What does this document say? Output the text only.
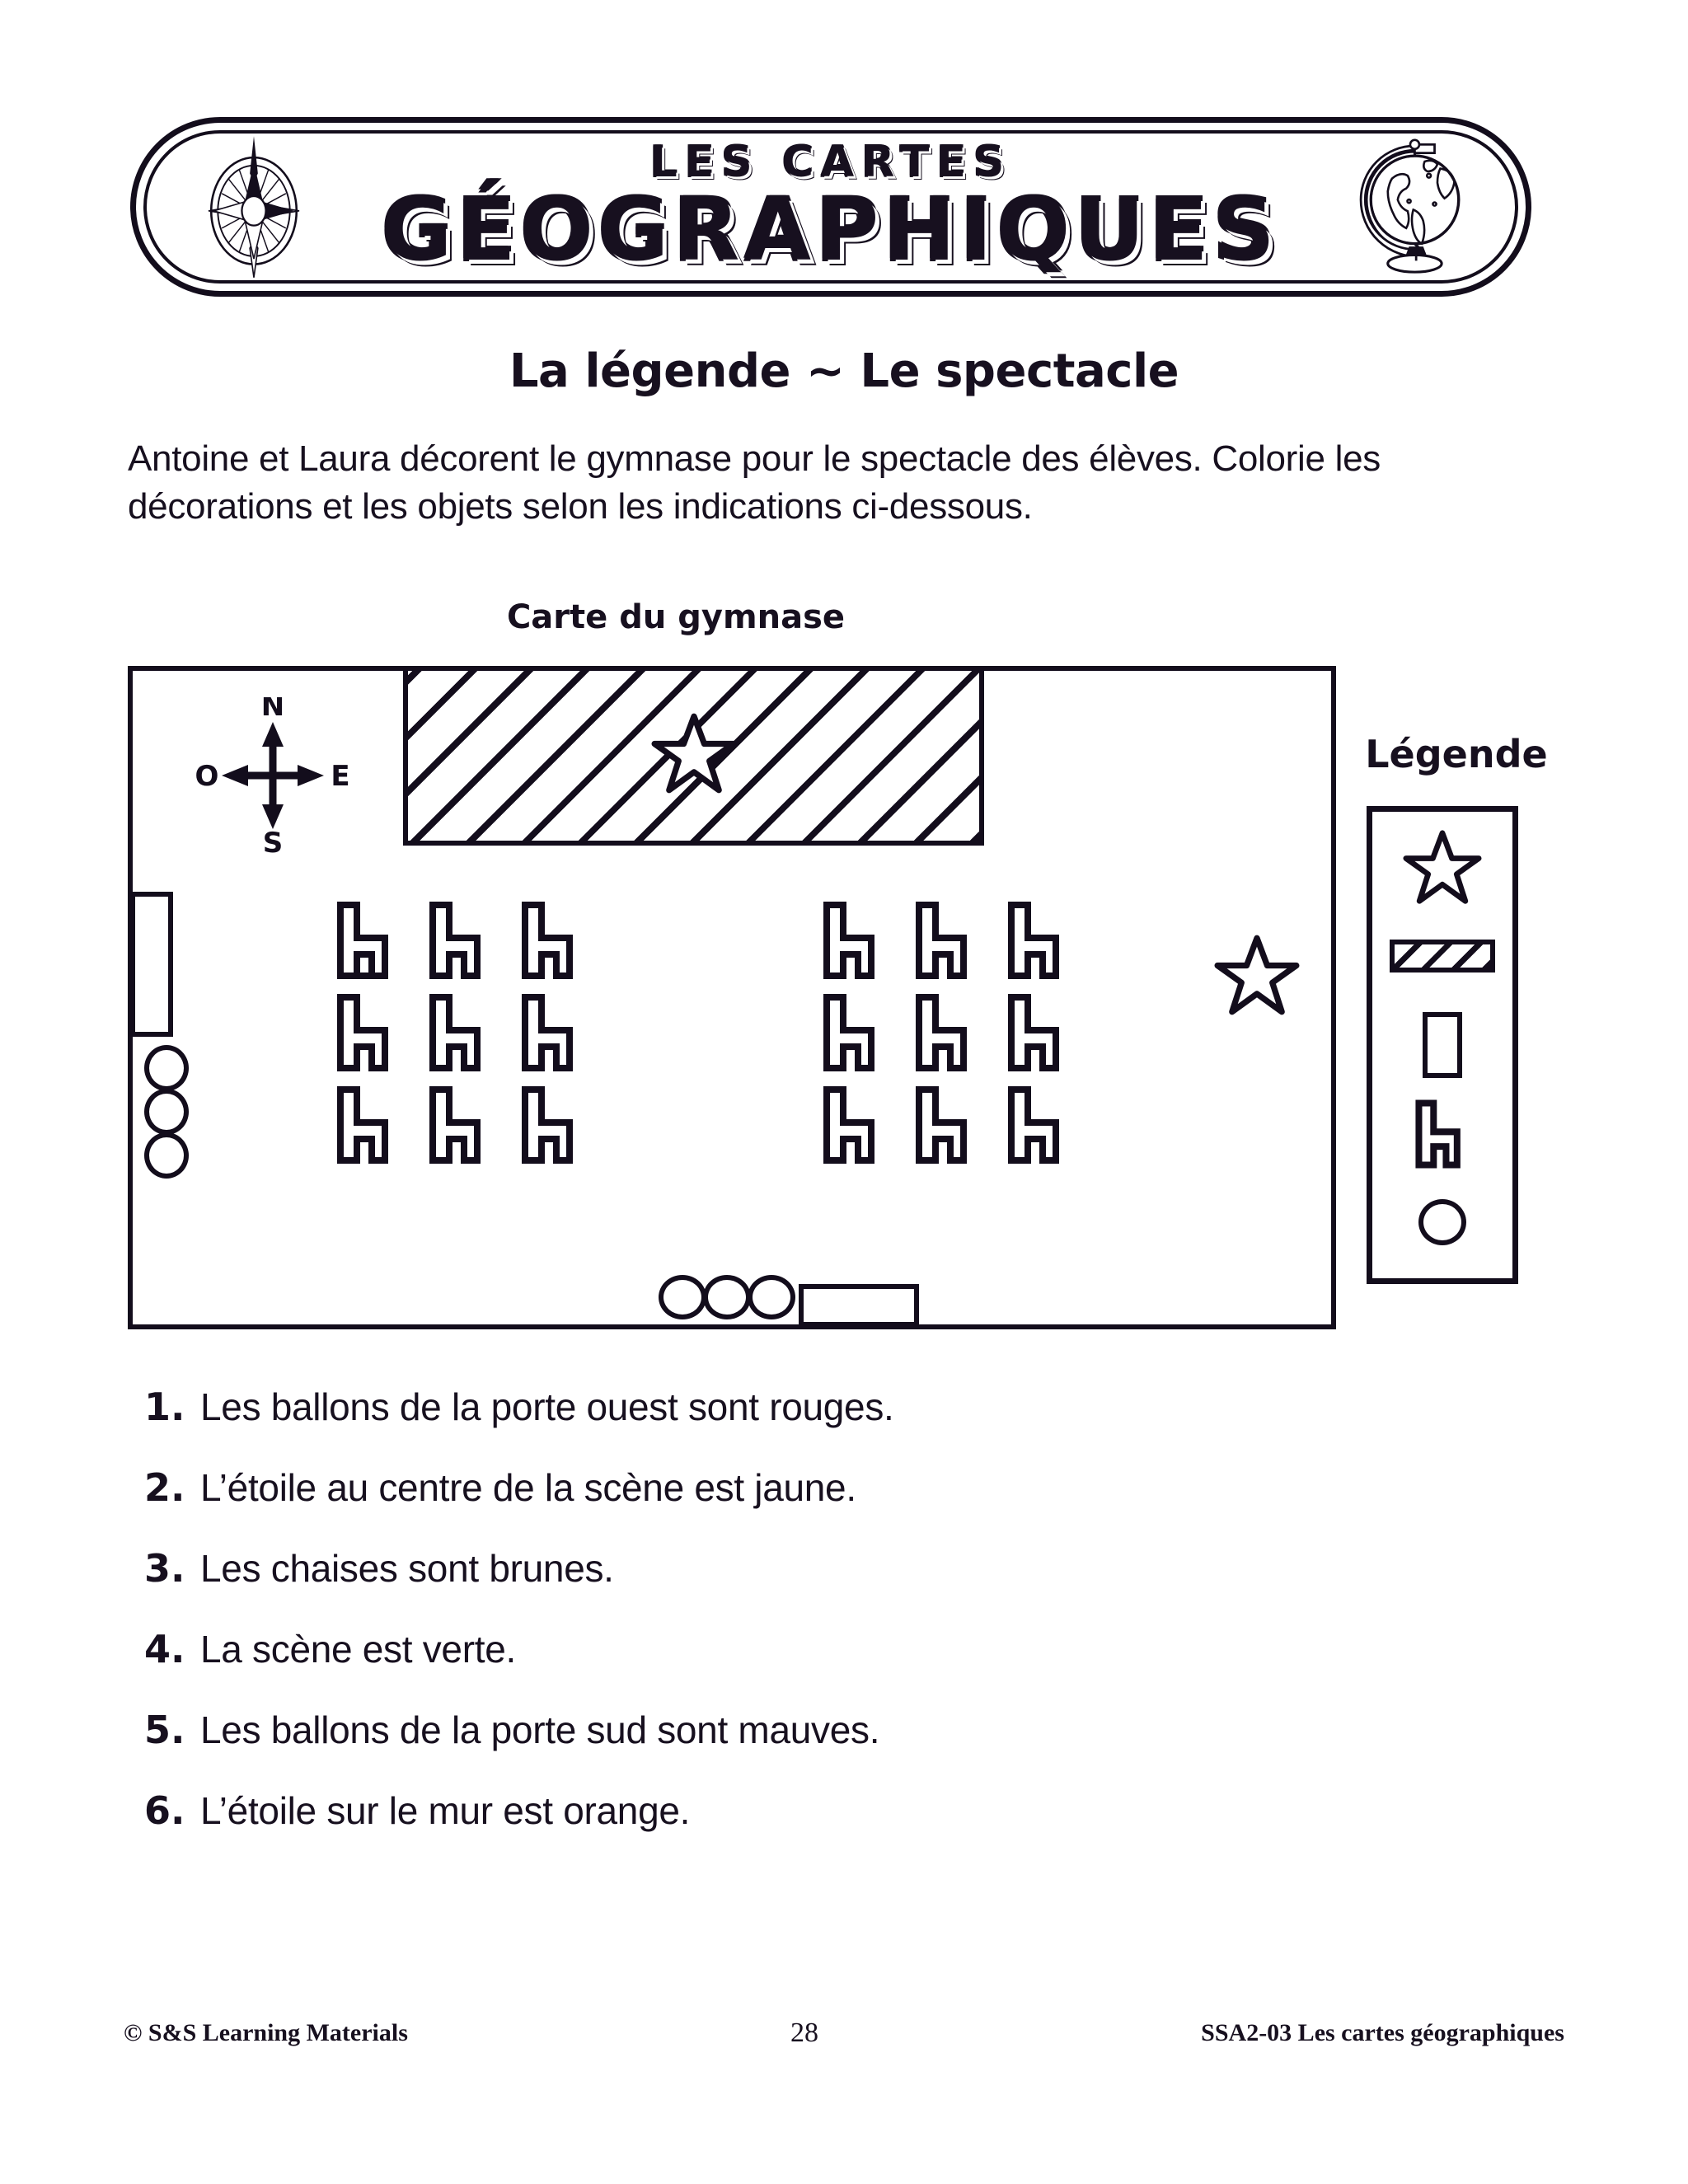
LES CARTES
GÉOGRAPHIQUES
La légende ~ Le spectacle
Antoine et Laura décorent le gymnase pour le spectacle des élèves. Colorie les décorations et les objets selon les indications ci-dessous.
Carte du gymnase
N
S
O	E	Légende
1. Les ballons de la porte ouest sont rouges.
2. L’étoile au centre de la scène est jaune.
3. Les chaises sont brunes.
4. La scène est verte.
5. Les ballons de la porte sud sont mauves.
6. L’étoile sur le mur est orange.
© S&S Learning Materials	28	SSA2-03 Les cartes géographiques
